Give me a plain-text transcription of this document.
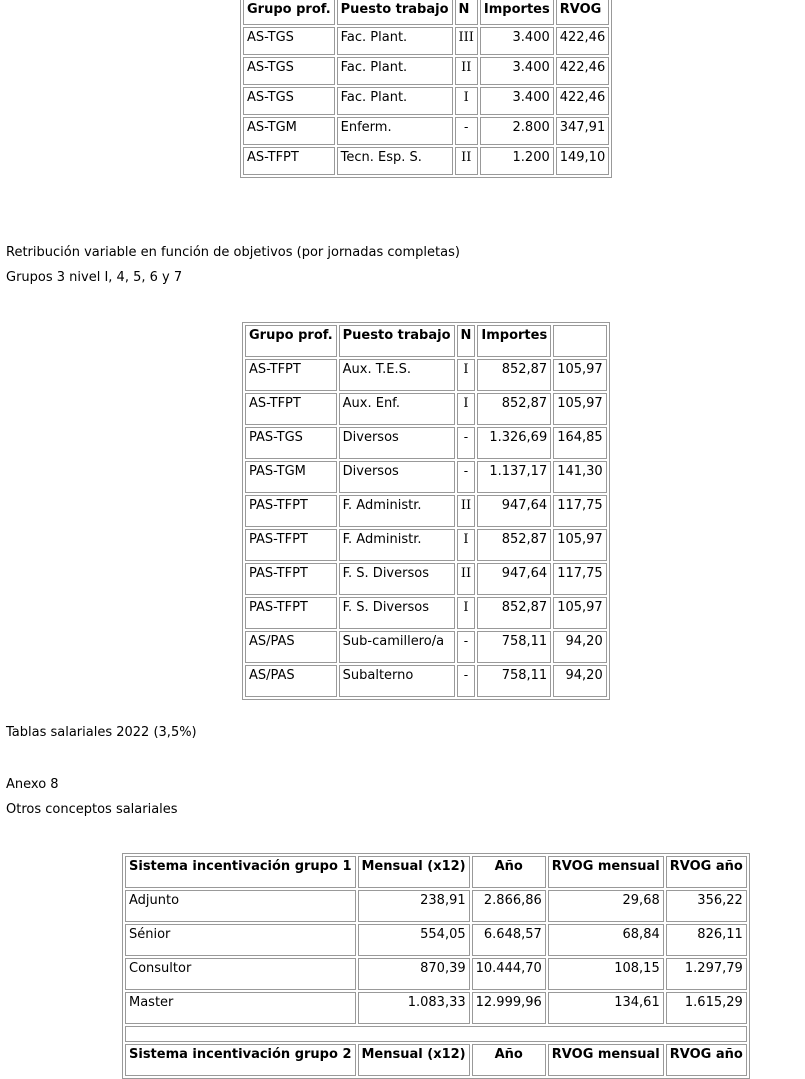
Grupo prof.	Puesto trabajo	N	Importes	RVOG
AS-TGS	Fac. Plant.	III	3.400	422,46
AS-TGS	Fac. Plant.	II	3.400	422,46
AS-TGS	Fac. Plant.	I	3.400	422,46
AS-TGM	Enferm.	-	2.800	347,91
AS-TFPT	Tecn. Esp. S.	II	1.200	149,10

Retribución variable en función de objetivos (por jornadas completas)

Grupos 3 nivel I, 4, 5, 6 y 7

Grupo prof.	Puesto trabajo	N	Importes	
AS-TFPT	Aux. T.E.S.	I	852,87	105,97
AS-TFPT	Aux. Enf.	I	852,87	105,97
PAS-TGS	Diversos	-	1.326,69	164,85
PAS-TGM	Diversos	-	1.137,17	141,30
PAS-TFPT	F. Administr.	II	947,64	117,75
PAS-TFPT	F. Administr.	I	852,87	105,97
PAS-TFPT	F. S. Diversos	II	947,64	117,75
PAS-TFPT	F. S. Diversos	I	852,87	105,97
AS/PAS	Sub-camillero/a	-	758,11	94,20
AS/PAS	Subalterno	-	758,11	94,20

Tablas salariales 2022 (3,5%)

Anexo 8

Otros conceptos salariales

Sistema incentivación grupo 1	Mensual (x12)	Año	RVOG mensual	RVOG año
Adjunto	238,91	2.866,86	29,68	356,22
Sénior	554,05	6.648,57	68,84	826,11
Consultor	870,39	10.444,70	108,15	1.297,79
Master	1.083,33	12.999,96	134,61	1.615,29

Sistema incentivación grupo 2	Mensual (x12)	Año	RVOG mensual	RVOG año
